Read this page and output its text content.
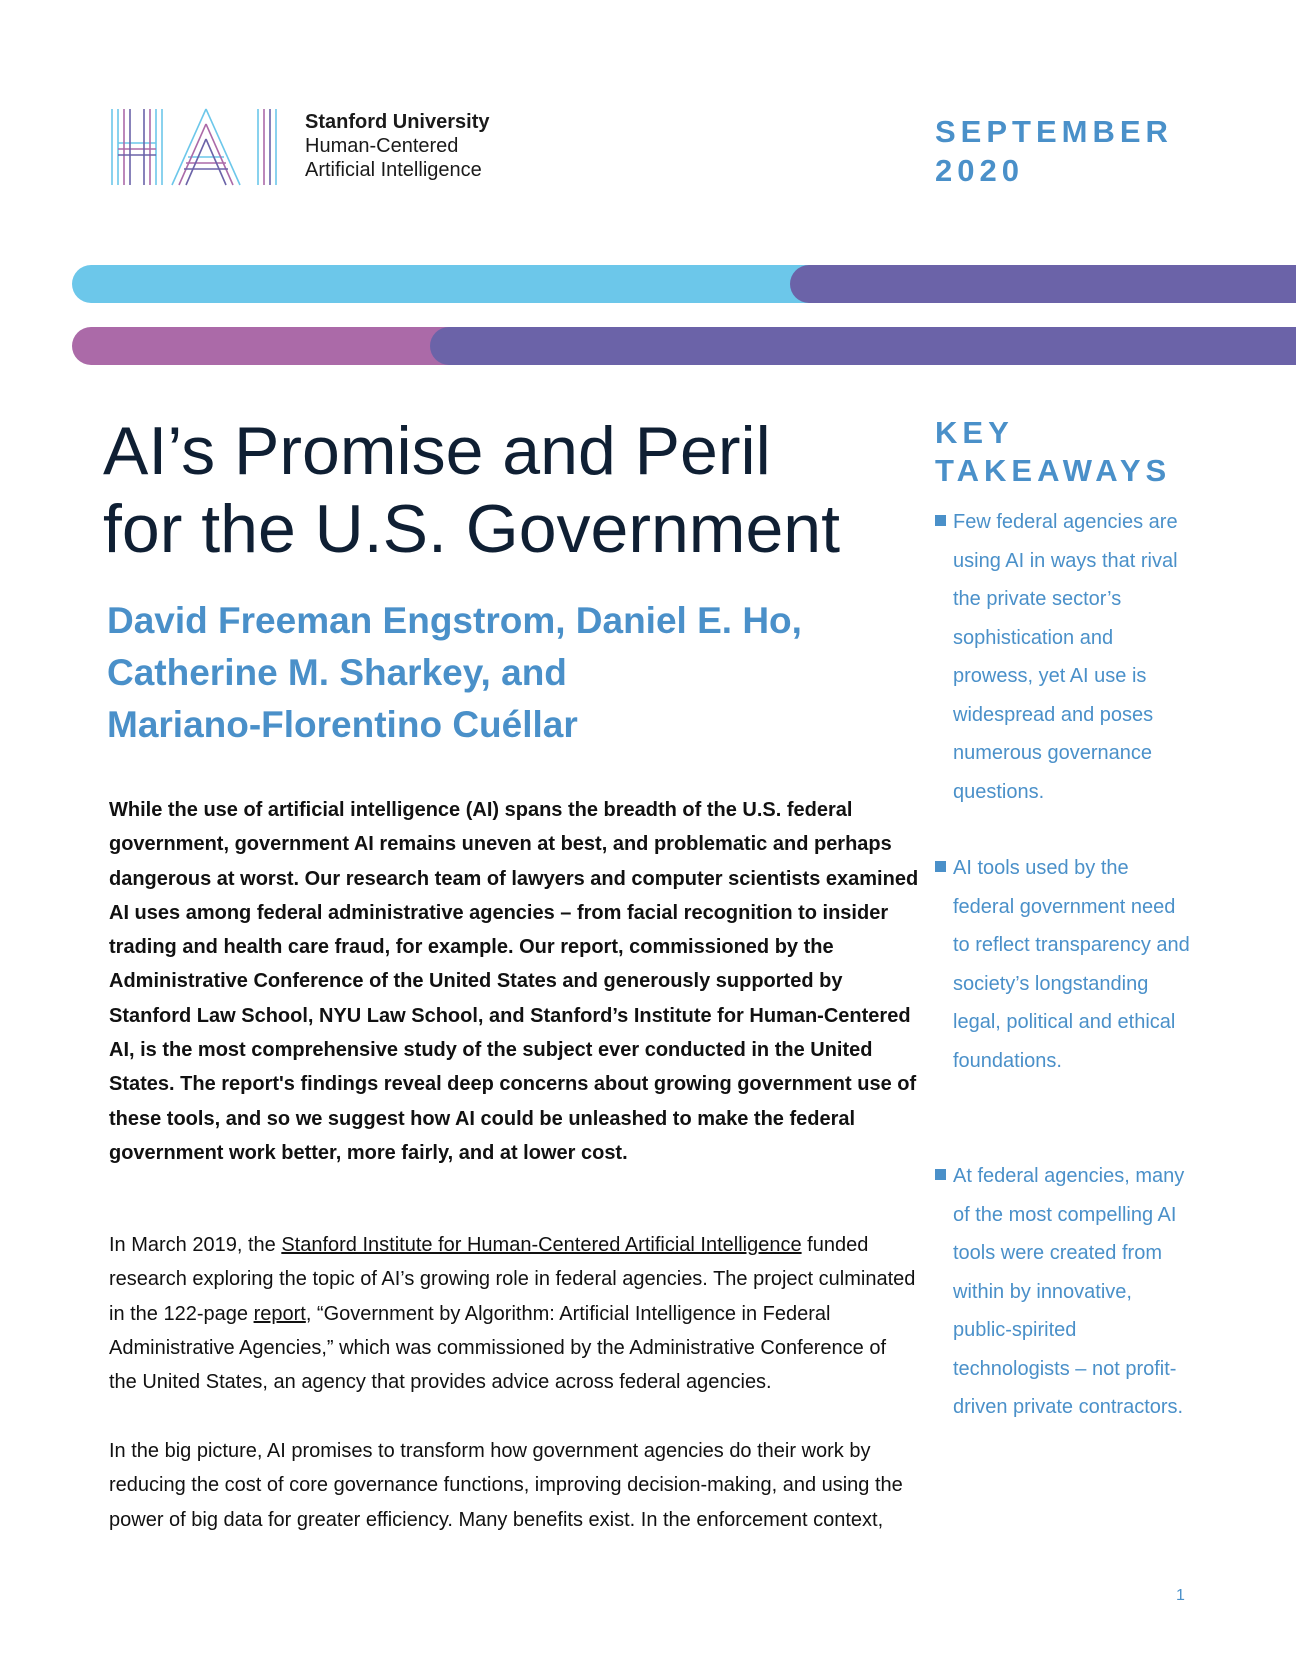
Stanford University
Human-Centered
Artificial Intelligence
SEPTEMBER
2020
AI’s Promise and Peril
for the U.S. Government
David Freeman Engstrom, Daniel E. Ho,
Catherine M. Sharkey, and
Mariano-Florentino Cuéllar

While the use of artificial intelligence (AI) spans the breadth of the U.S. federal government, government AI remains uneven at best, and problematic and perhaps dangerous at worst. Our research team of lawyers and computer scientists examined AI uses among federal administrative agencies – from facial recognition to insider trading and health care fraud, for example. Our report, commissioned by the Administrative Conference of the United States and generously supported by Stanford Law School, NYU Law School, and Stanford’s Institute for Human-Centered AI, is the most comprehensive study of the subject ever conducted in the United States. The report's findings reveal deep concerns about growing government use of these tools, and so we suggest how AI could be unleashed to make the federal government work better, more fairly, and at lower cost.

In March 2019, the Stanford Institute for Human-Centered Artificial Intelligence funded research exploring the topic of AI’s growing role in federal agencies. The project culminated in the 122-page report, “Government by Algorithm: Artificial Intelligence in Federal Administrative Agencies,” which was commissioned by the Administrative Conference of the United States, an agency that provides advice across federal agencies.

In the big picture, AI promises to transform how government agencies do their work by reducing the cost of core governance functions, improving decision-making, and using the power of big data for greater efficiency. Many benefits exist. In the enforcement context,

KEY
TAKEAWAYS
Few federal agencies are using AI in ways that rival the private sector’s sophistication and prowess, yet AI use is widespread and poses numerous governance questions.
AI tools used by the federal government need to reflect transparency and society’s longstanding legal, political and ethical foundations.
At federal agencies, many of the most compelling AI tools were created from within by innovative, public-spirited technologists – not profit-driven private contractors.
1
